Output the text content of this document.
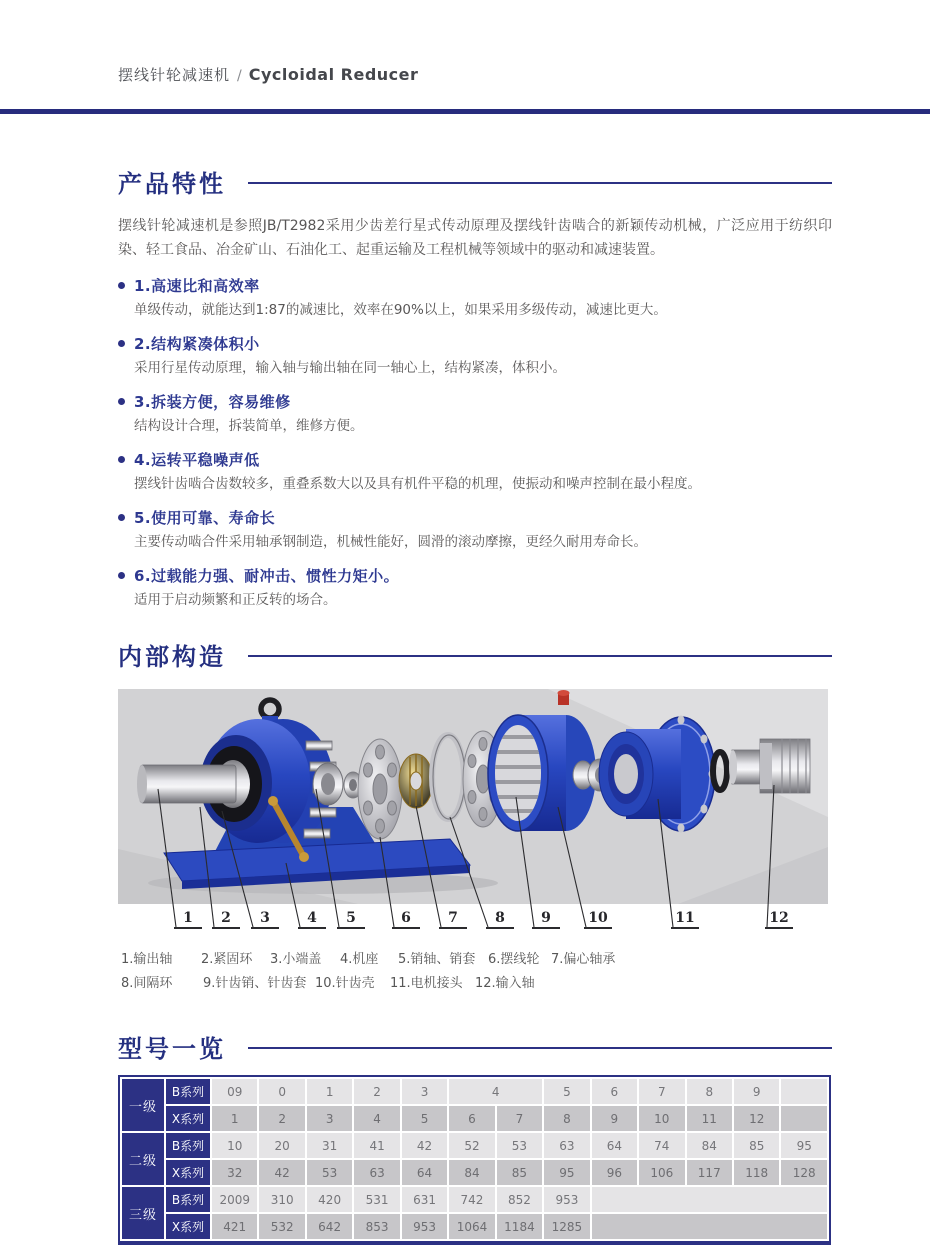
摆线针轮减速机 / Cycloidal Reducer
产品特性

摆线针轮减速机是参照JB/T2982采用少齿差行星式传动原理及摆线针齿啮合的新颖传动机械，广泛应用于纺织印染、轻工食品、冶金矿山、石油化工、起重运输及工程机械等领域中的驱动和减速装置。

1.高速比和高效率

单级传动，就能达到1:87的减速比，效率在90%以上，如果采用多级传动，减速比更大。

2.结构紧凑体积小

采用行星传动原理，输入轴与输出轴在同一轴心上，结构紧凑，体积小。

3.拆装方便，容易维修

结构设计合理，拆装简单，维修方便。

4.运转平稳噪声低

摆线针齿啮合齿数较多，重叠系数大以及具有机件平稳的机理，使振动和噪声控制在最小程度。

5.使用可靠、寿命长

主要传动啮合件采用轴承钢制造，机械性能好，圆滑的滚动摩擦，更经久耐用寿命长。

6.过载能力强、耐冲击、惯性力矩小。

适用于启动频繁和正反转的场合。

内部构造
1	2	3	4	5	6	7	8	9	10	11	12
1.输出轴 2.紧固环 3.小端盖 4.机座 5.销轴、销套 6.摆线轮 7.偏心轴承
8.间隔环 9.针齿销、针齿套 10.针齿壳 11.电机接头 12.输入轴
型号一览
一级	B系列	09	0	1	2	3	4		5	6	7	8	9	
	X系列	1	2	3	4	5	6	7	8	9	10	11	12	
二级	B系列	10	20	31	41	42	52	53	63	64	74	84	85	95
	X系列	32	42	53	63	64	84	85	95	96	106	117	118	128
三级	B系列	2009	310	420	531	631	742	852	953					
	X系列	421	532	642	853	953	1064	1184	1285					
